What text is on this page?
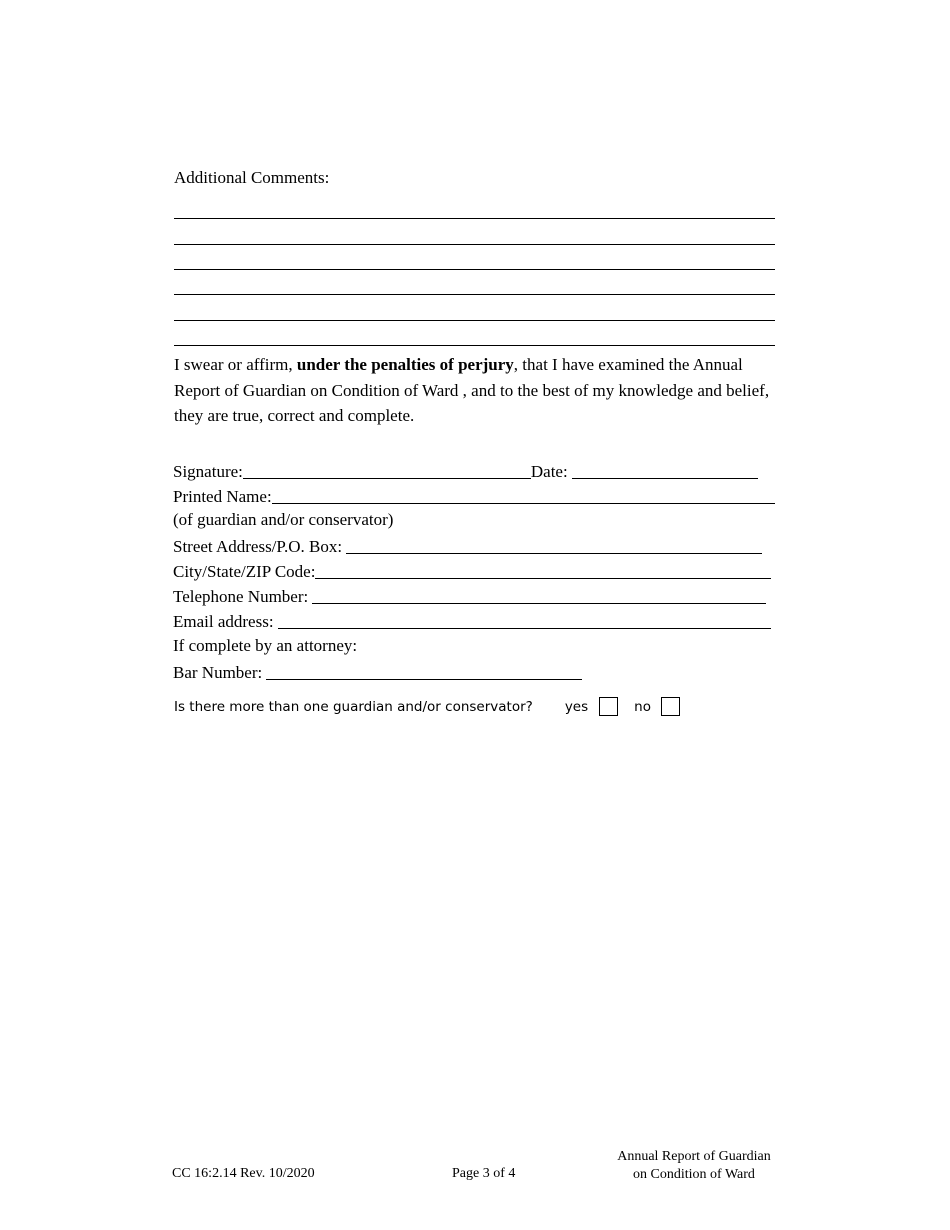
Additional Comments:
I swear or affirm, under the penalties of perjury, that I have examined the Annual Report of Guardian on Condition of Ward , and to the best of my knowledge and belief, they are true, correct and complete.
Signature:	Date:
Printed Name:
(of guardian and/or conservator)
Street Address/P.O. Box:
City/State/ZIP Code:
Telephone Number:
Email address:
If complete by an attorney:
Bar Number:
Is there more than one guardian and/or conservator? yes	no
CC 16:2.14 Rev. 10/2020	Page 3 of 4
Annual Report of Guardian
on Condition of Ward
